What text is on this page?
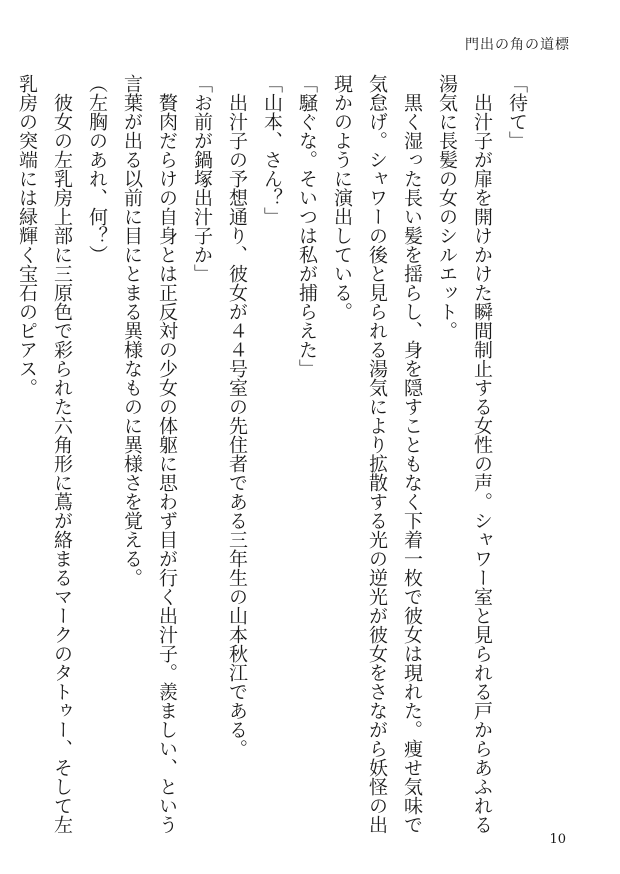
門出の角の道標
「待て」
　出汁子が扉を開けかけた瞬間制止する女性の声。シャワー室と見られる戸からあふれる
湯気に長髪の女のシルエット。
　黒く湿った長い髪を揺らし、身を隠すこともなく下着一枚で彼女は現れた。痩せ気味で
気怠げ。シャワーの後と見られる湯気により拡散する光の逆光が彼女をさながら妖怪の出
現かのように演出している。
「騒ぐな。そいつは私が捕らえた」
「山本、さん？」
　出汁子の予想通り、彼女が４４号室の先住者である三年生の山本秋江である。
「お前が鍋塚出汁子か」
　贅肉だらけの自身とは正反対の少女の体躯に思わず目が行く出汁子。羨ましい、という
言葉が出る以前に目にとまる異様なものに異様さを覚える。
（左胸のあれ、何？）
　彼女の左乳房上部に三原色で彩られた六角形に蔦が絡まるマークのタトゥー、そして左
乳房の突端には緑輝く宝石のピアス。
10
